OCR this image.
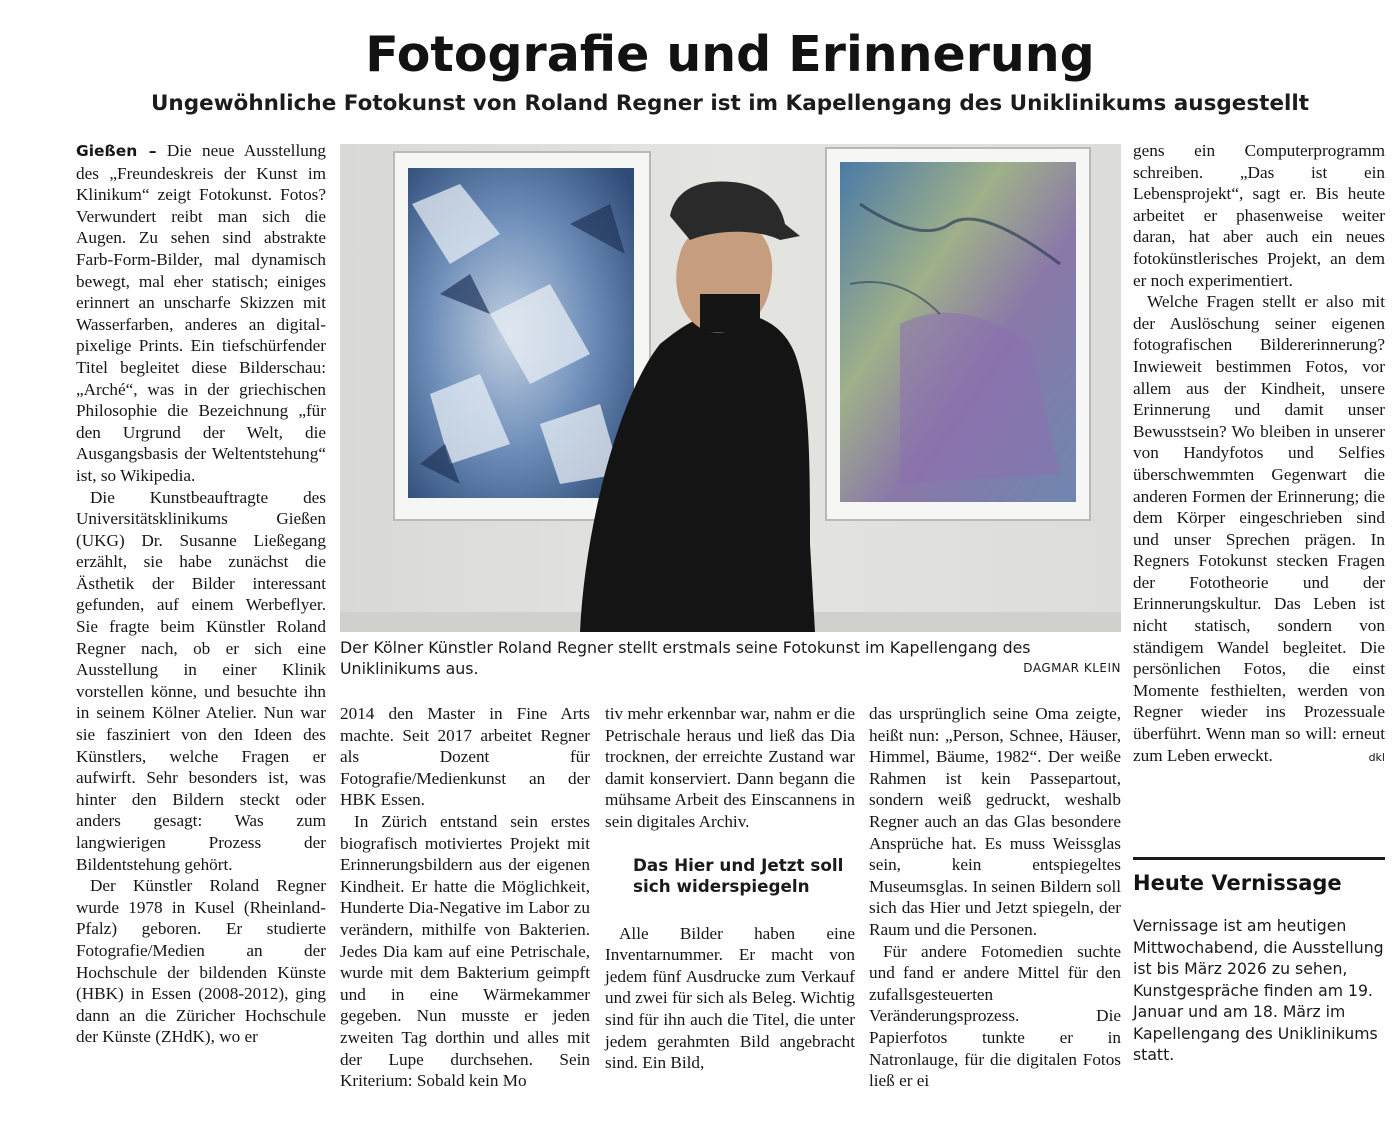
Fotografie und Erinnerung
Ungewöhnliche Fotokunst von Roland Regner ist im Kapellengang des Uniklinikums ausgestellt

Gießen – Die neue Ausstellung des „Freundeskreis der Kunst im Klinikum“ zeigt Fotokunst. Fotos? Verwundert reibt man sich die Augen. Zu sehen sind abstrakte Farb-Form-Bilder, mal dynamisch bewegt, mal eher statisch; einiges erinnert an unscharfe Skizzen mit Wasserfarben, anderes an digital-pixelige Prints. Ein tiefschürfender Titel begleitet diese Bilderschau: „Arché“, was in der griechischen Philosophie die Bezeichnung „für den Urgrund der Welt, die Ausgangsbasis der Weltentstehung“ ist, so Wikipedia.

Die Kunstbeauftragte des Universitätsklinikums Gießen (UKG) Dr. Susanne Ließegang erzählt, sie habe zunächst die Ästhetik der Bilder interessant gefunden, auf einem Werbeflyer. Sie fragte beim Künstler Roland Regner nach, ob er sich eine Ausstellung in einer Klinik vorstellen könne, und besuchte ihn in seinem Kölner Atelier. Nun war sie fasziniert von den Ideen des Künstlers, welche Fragen er aufwirft. Sehr besonders ist, was hinter den Bildern steckt oder anders gesagt: Was zum langwierigen Prozess der Bildentstehung gehört.

Der Künstler Roland Regner wurde 1978 in Kusel (Rheinland-Pfalz) geboren. Er studierte Fotografie/Medien an der Hochschule der bildenden Künste (HBK) in Essen (2008-2012), ging dann an die Züricher Hochschule der Künste (ZHdK), wo er

Der Kölner Künstler Roland Regner stellt erstmals seine Fotokunst im Kapellengang des Uniklinikums aus.	DAGMAR KLEIN

2014 den Master in Fine Arts machte. Seit 2017 arbeitet Regner als Dozent für Fotografie/Medienkunst an der HBK Essen.

In Zürich entstand sein erstes biografisch motiviertes Projekt mit Erinnerungsbildern aus der eigenen Kindheit. Er hatte die Möglichkeit, Hunderte Dia-Negative im Labor zu verändern, mithilfe von Bakterien. Jedes Dia kam auf eine Petrischale, wurde mit dem Bakterium geimpft und in eine Wärmekammer gegeben. Nun musste er jeden zweiten Tag dorthin und alles mit der Lupe durchsehen. Sein Kriterium: Sobald kein Mo

tiv mehr erkennbar war, nahm er die Petrischale heraus und ließ das Dia trocknen, der erreichte Zustand war damit konserviert. Dann begann die mühsame Arbeit des Einscannens in sein digitales Archiv.

Das Hier und Jetzt soll sich widerspiegeln

Alle Bilder haben eine Inventarnummer. Er macht von jedem fünf Ausdrucke zum Verkauf und zwei für sich als Beleg. Wichtig sind für ihn auch die Titel, die unter jedem gerahmten Bild angebracht sind. Ein Bild,

das ursprünglich seine Oma zeigte, heißt nun: „Person, Schnee, Häuser, Himmel, Bäume, 1982“. Der weiße Rahmen ist kein Passepartout, sondern weiß gedruckt, weshalb Regner auch an das Glas besondere Ansprüche hat. Es muss Weissglas sein, kein entspiegeltes Museumsglas. In seinen Bildern soll sich das Hier und Jetzt spiegeln, der Raum und die Personen.

Für andere Fotomedien suchte und fand er andere Mittel für den zufallsgesteuerten Veränderungsprozess. Die Papierfotos tunkte er in Natronlauge, für die digitalen Fotos ließ er ei

gens ein Computerprogramm schreiben. „Das ist ein Lebensprojekt“, sagt er. Bis heute arbeitet er phasenweise weiter daran, hat aber auch ein neues fotokünstlerisches Projekt, an dem er noch experimentiert.

Welche Fragen stellt er also mit der Auslöschung seiner eigenen fotografischen Bildererinnerung? Inwieweit bestimmen Fotos, vor allem aus der Kindheit, unsere Erinnerung und damit unser Bewusstsein? Wo bleiben in unserer von Handyfotos und Selfies überschwemmten Gegenwart die anderen Formen der Erinnerung; die dem Körper eingeschrieben sind und unser Sprechen prägen. In Regners Fotokunst stecken Fragen der Fototheorie und der Erinnerungskultur. Das Leben ist nicht statisch, sondern von ständigem Wandel begleitet. Die persönlichen Fotos, die einst Momente festhielten, werden von Regner wieder ins Prozessuale überführt. Wenn man so will: erneut zum Leben erweckt.	dkl
Heute Vernissage
Vernissage ist am heutigen Mittwochabend, die Ausstellung ist bis März 2026 zu sehen, Kunstgespräche finden am 19. Januar und am 18. März im Kapellengang des Uniklinikums statt.
